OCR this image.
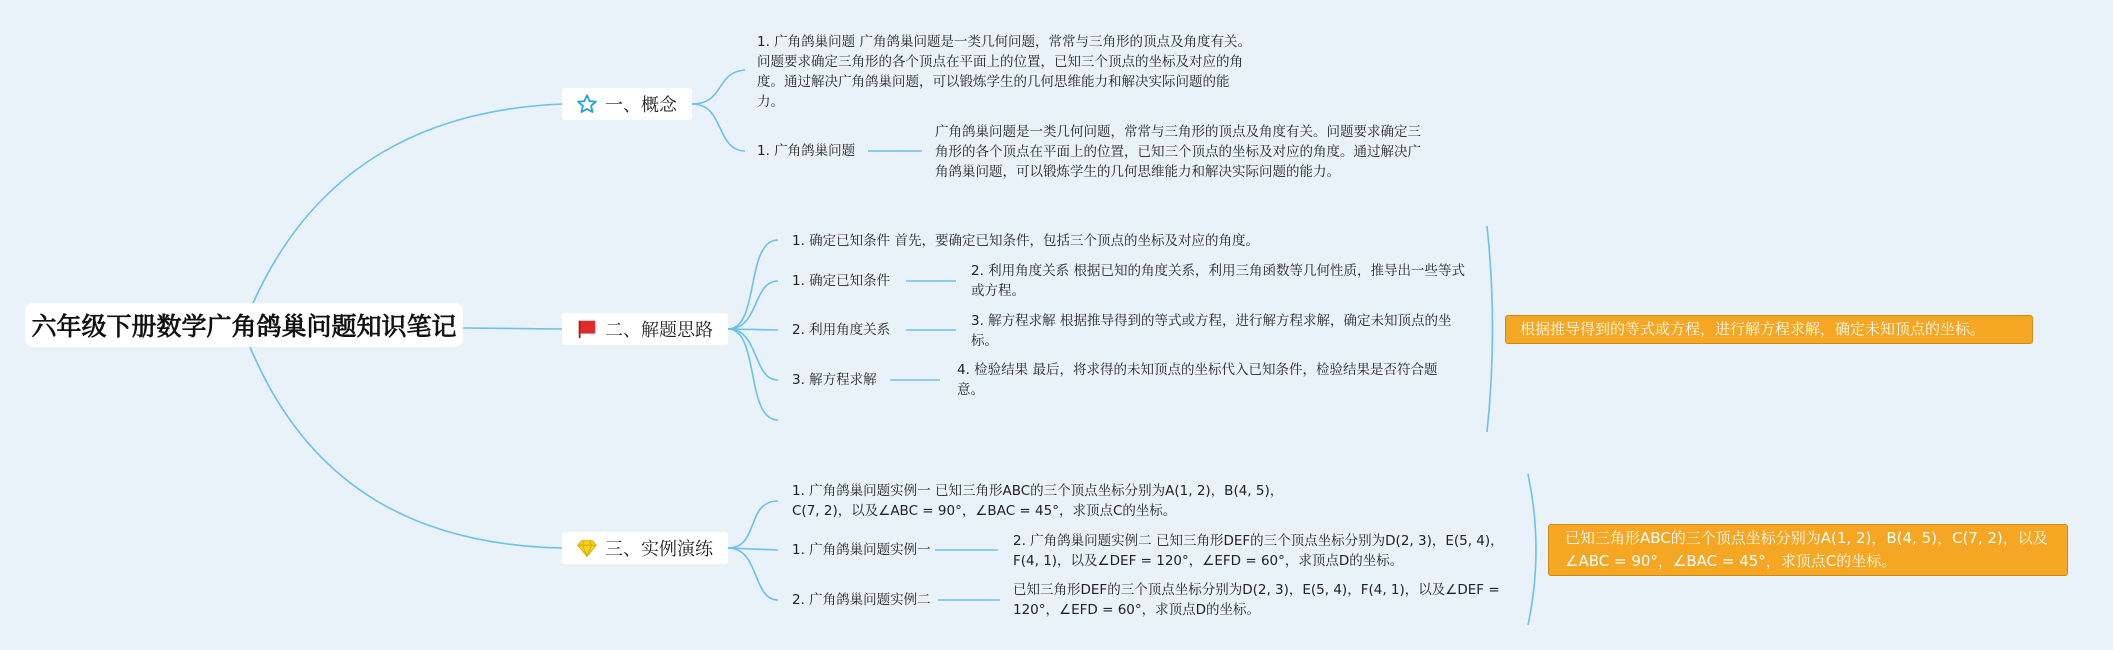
六年级下册数学广角鸽巢问题知识笔记
一、概念
1. 广角鸽巢问题 广角鸽巢问题是一类几何问题，常常与三角形的顶点及角度有关。问题要求确定三角形的各个顶点在平面上的位置，已知三个顶点的坐标及对应的角度。通过解决广角鸽巢问题，可以锻炼学生的几何思维能力和解决实际问题的能力。
1. 广角鸽巢问题
广角鸽巢问题是一类几何问题，常常与三角形的顶点及角度有关。问题要求确定三角形的各个顶点在平面上的位置，已知三个顶点的坐标及对应的角度。通过解决广角鸽巢问题，可以锻炼学生的几何思维能力和解决实际问题的能力。
二、解题思路
1. 确定已知条件 首先，要确定已知条件，包括三个顶点的坐标及对应的角度。
1. 确定已知条件
2. 利用角度关系 根据已知的角度关系，利用三角函数等几何性质，推导出一些等式或方程。
2. 利用角度关系
3. 解方程求解 根据推导得到的等式或方程，进行解方程求解，确定未知顶点的坐标。
3. 解方程求解
4. 检验结果 最后，将求得的未知顶点的坐标代入已知条件，检验结果是否符合题意。
根据推导得到的等式或方程，进行解方程求解，确定未知顶点的坐标。
三、实例演练
1. 广角鸽巢问题实例一 已知三角形ABC的三个顶点坐标分别为A(1, 2)，B(4, 5)，C(7, 2)，以及∠ABC = 90°，∠BAC = 45°，求顶点C的坐标。
1. 广角鸽巢问题实例一
2. 广角鸽巢问题实例二 已知三角形DEF的三个顶点坐标分别为D(2, 3)，E(5, 4)，F(4, 1)，以及∠DEF = 120°，∠EFD = 60°，求顶点D的坐标。
2. 广角鸽巢问题实例二
已知三角形DEF的三个顶点坐标分别为D(2, 3)，E(5, 4)，F(4, 1)，以及∠DEF = 120°，∠EFD = 60°，求顶点D的坐标。
已知三角形ABC的三个顶点坐标分别为A(1, 2)，B(4, 5)，C(7, 2)，以及∠ABC = 90°，∠BAC = 45°，求顶点C的坐标。
